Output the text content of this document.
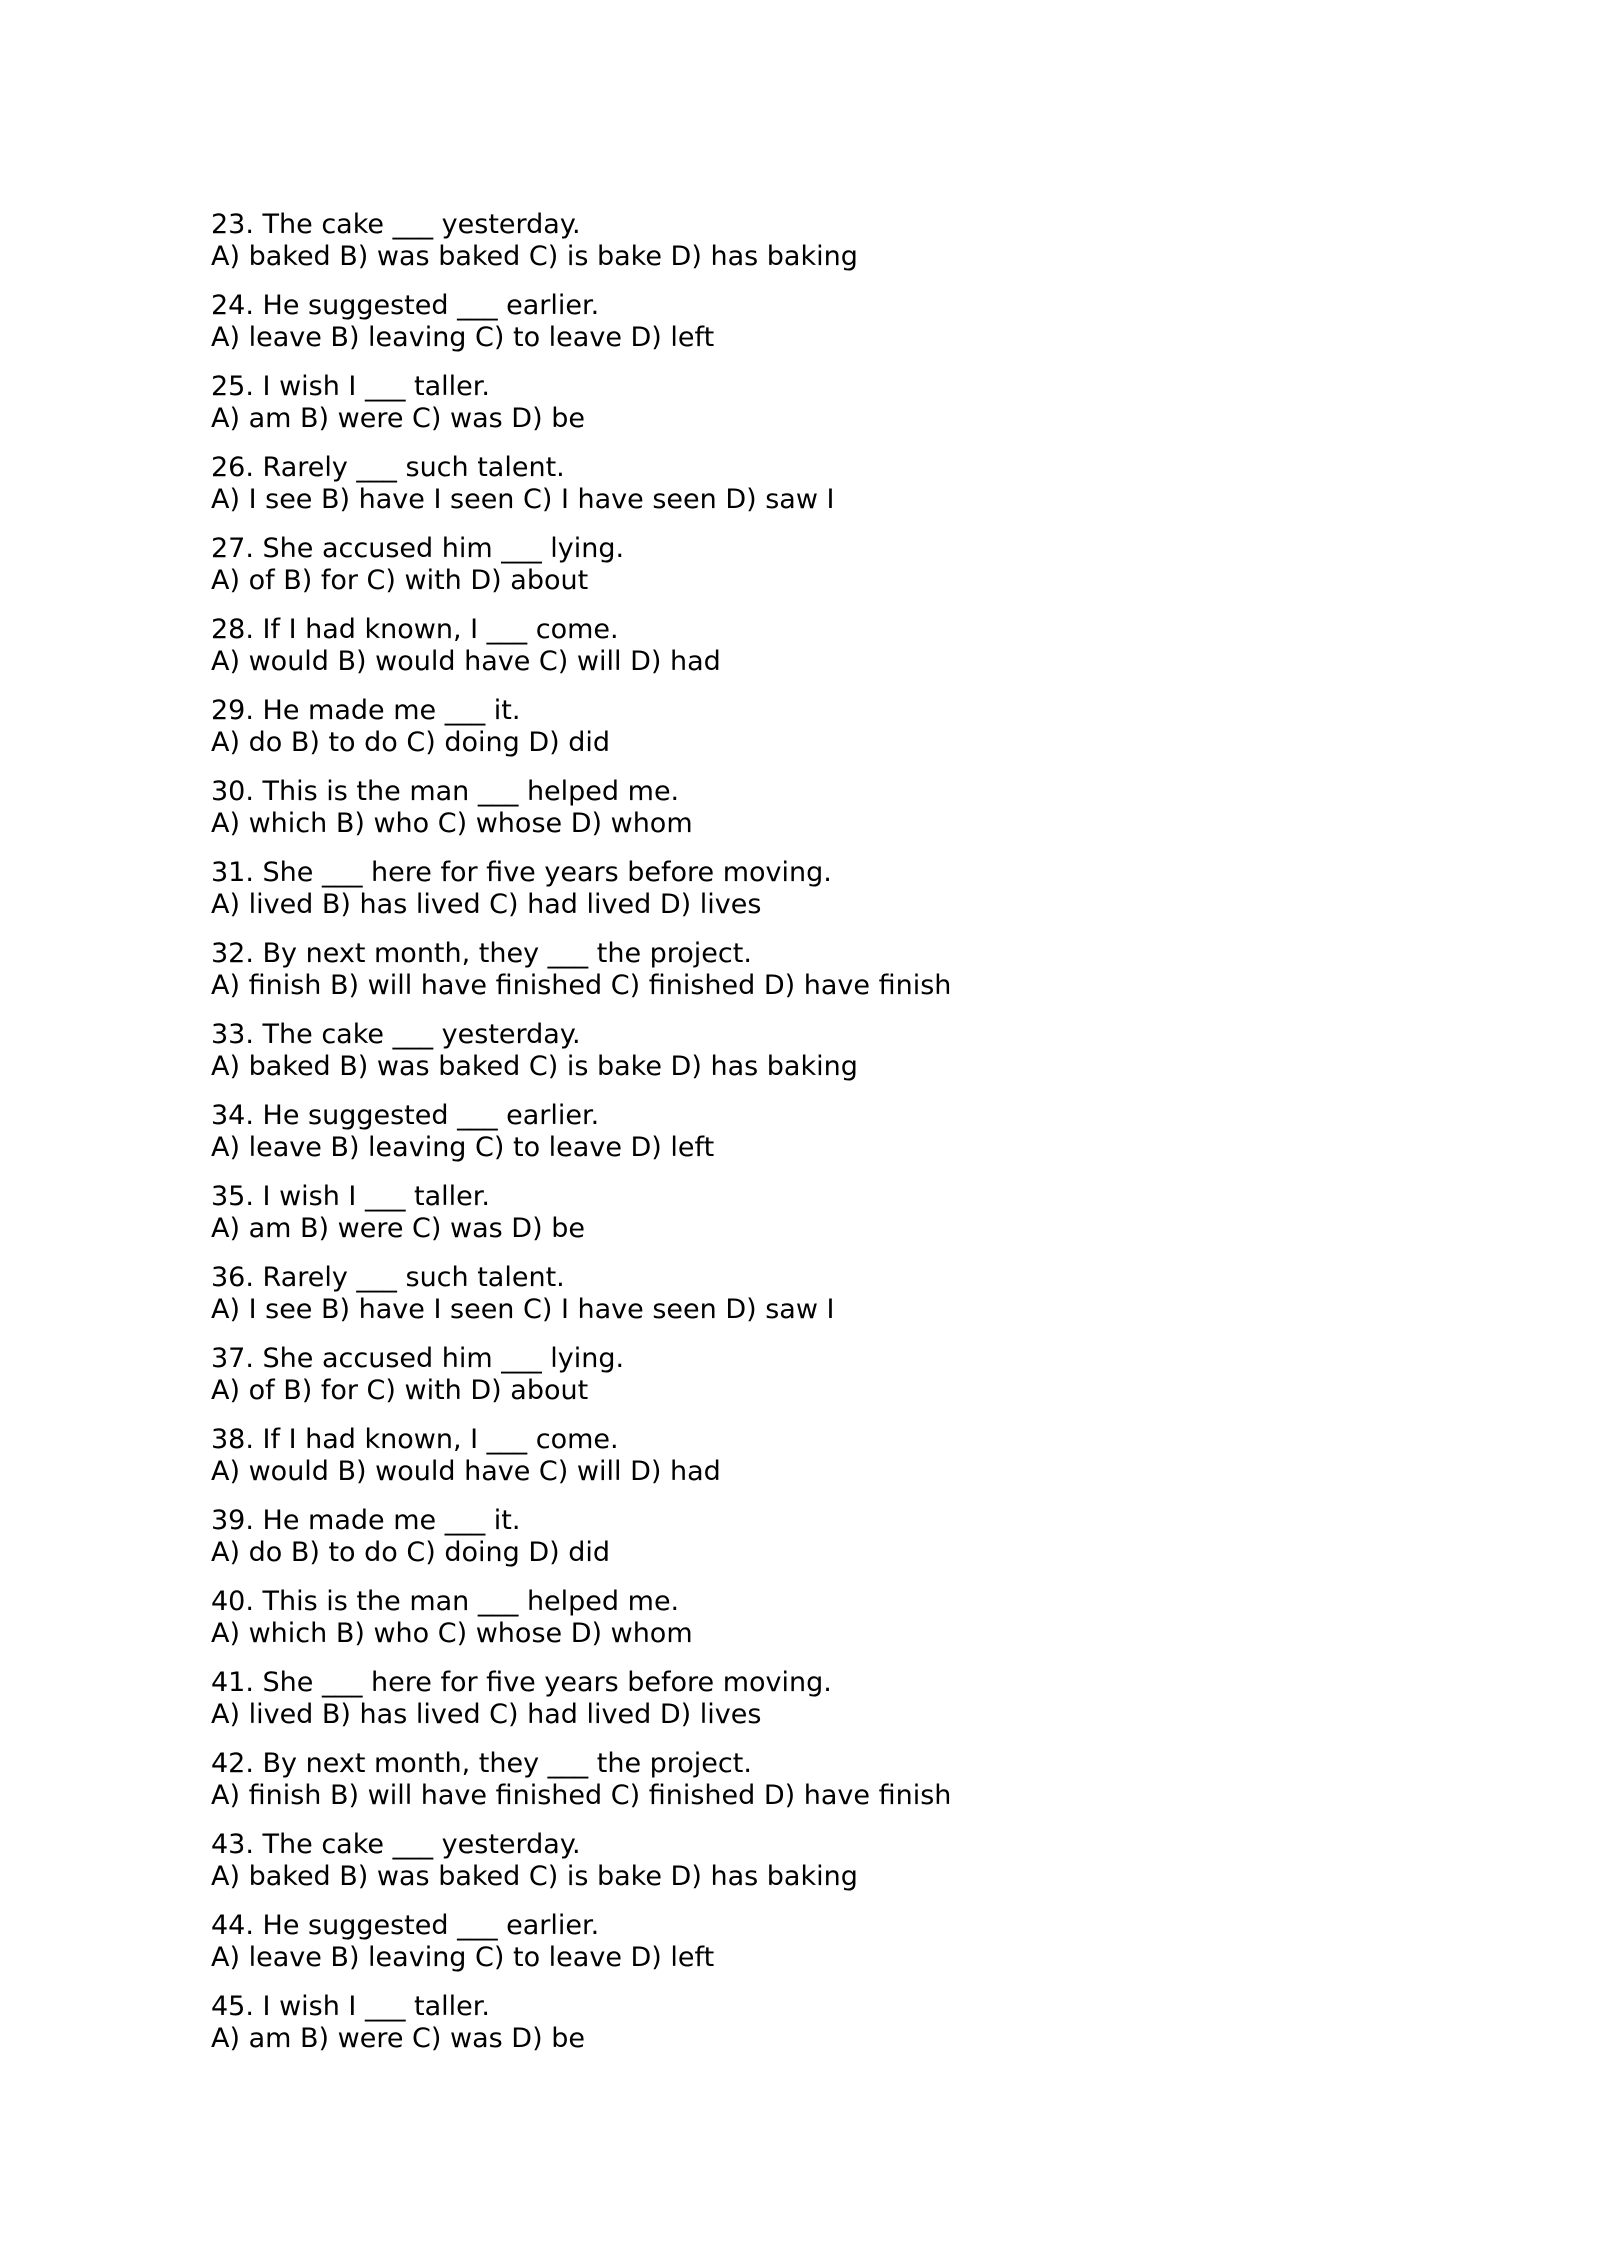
23. The cake ___ yesterday.
A) baked B) was baked C) is bake D) has baking
24. He suggested ___ earlier.
A) leave B) leaving C) to leave D) left
25. I wish I ___ taller.
A) am B) were C) was D) be
26. Rarely ___ such talent.
A) I see B) have I seen C) I have seen D) saw I
27. She accused him ___ lying.
A) of B) for C) with D) about
28. If I had known, I ___ come.
A) would B) would have C) will D) had
29. He made me ___ it.
A) do B) to do C) doing D) did
30. This is the man ___ helped me.
A) which B) who C) whose D) whom
31. She ___ here for five years before moving.
A) lived B) has lived C) had lived D) lives
32. By next month, they ___ the project.
A) finish B) will have finished C) finished D) have finish
33. The cake ___ yesterday.
A) baked B) was baked C) is bake D) has baking
34. He suggested ___ earlier.
A) leave B) leaving C) to leave D) left
35. I wish I ___ taller.
A) am B) were C) was D) be
36. Rarely ___ such talent.
A) I see B) have I seen C) I have seen D) saw I
37. She accused him ___ lying.
A) of B) for C) with D) about
38. If I had known, I ___ come.
A) would B) would have C) will D) had
39. He made me ___ it.
A) do B) to do C) doing D) did
40. This is the man ___ helped me.
A) which B) who C) whose D) whom
41. She ___ here for five years before moving.
A) lived B) has lived C) had lived D) lives
42. By next month, they ___ the project.
A) finish B) will have finished C) finished D) have finish
43. The cake ___ yesterday.
A) baked B) was baked C) is bake D) has baking
44. He suggested ___ earlier.
A) leave B) leaving C) to leave D) left
45. I wish I ___ taller.
A) am B) were C) was D) be
